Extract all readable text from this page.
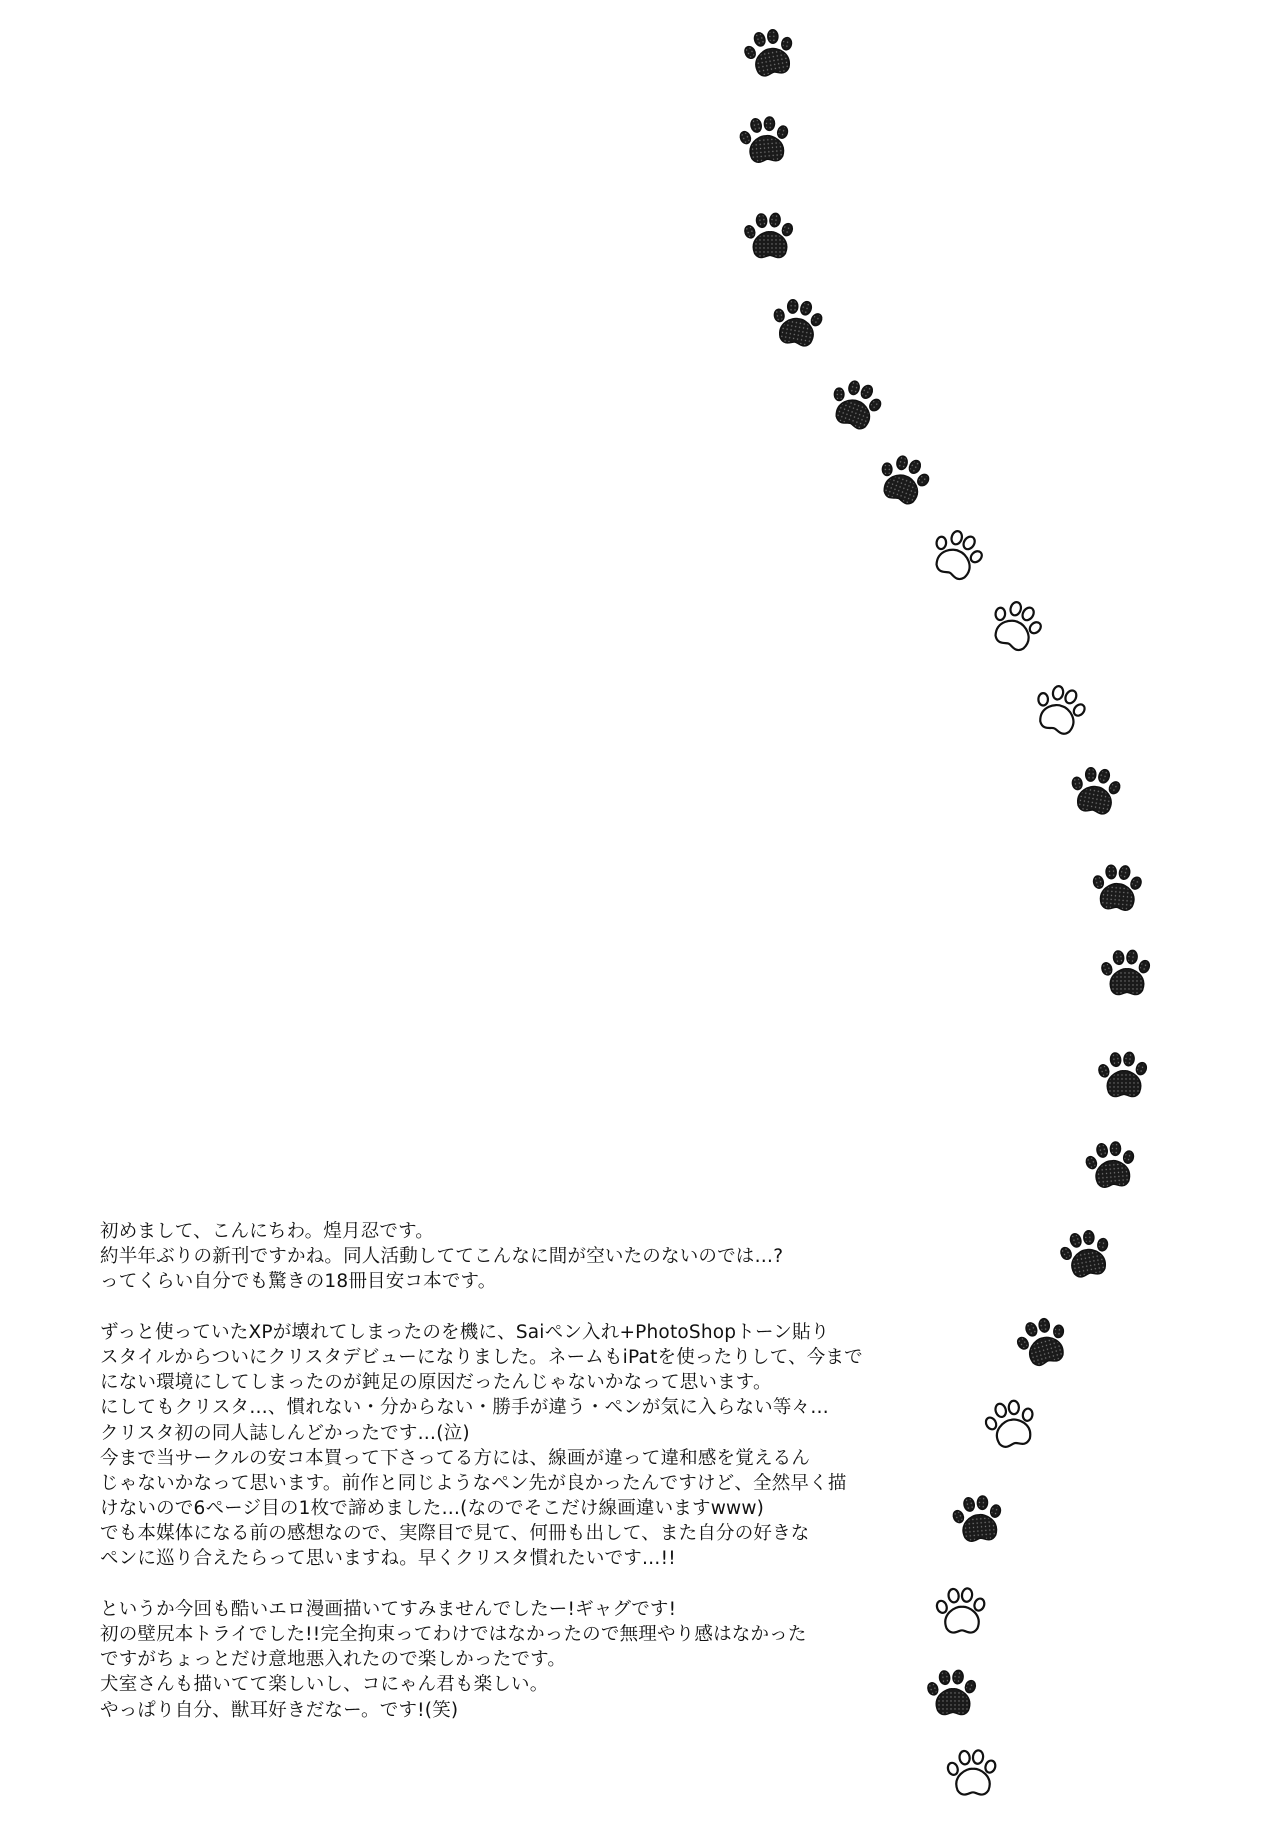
初めまして、こんにちわ。煌月忍です。
約半年ぶりの新刊ですかね。同人活動しててこんなに間が空いたのないのでは…?
ってくらい自分でも驚きの18冊目安コ本です。
ずっと使っていたXPが壊れてしまったのを機に、Saiペン入れ+PhotoShopトーン貼り
スタイルからついにクリスタデビューになりました。ネームもiPatを使ったりして、今まで
にない環境にしてしまったのが鈍足の原因だったんじゃないかなって思います。
にしてもクリスタ…、慣れない・分からない・勝手が違う・ペンが気に入らない等々…
クリスタ初の同人誌しんどかったです…(泣)
今まで当サークルの安コ本買って下さってる方には、線画が違って違和感を覚えるん
じゃないかなって思います。前作と同じようなペン先が良かったんですけど、全然早く描
けないので6ページ目の1枚で諦めました…(なのでそこだけ線画違いますwww)
でも本媒体になる前の感想なので、実際目で見て、何冊も出して、また自分の好きな
ペンに巡り合えたらって思いますね。早くクリスタ慣れたいです…!!
というか今回も酷いエロ漫画描いてすみませんでしたー!ギャグです!
初の壁尻本トライでした!!完全拘束ってわけではなかったので無理やり感はなかった
ですがちょっとだけ意地悪入れたので楽しかったです。
犬室さんも描いてて楽しいし、コにゃん君も楽しい。
やっぱり自分、獣耳好きだなー。です!(笑)
